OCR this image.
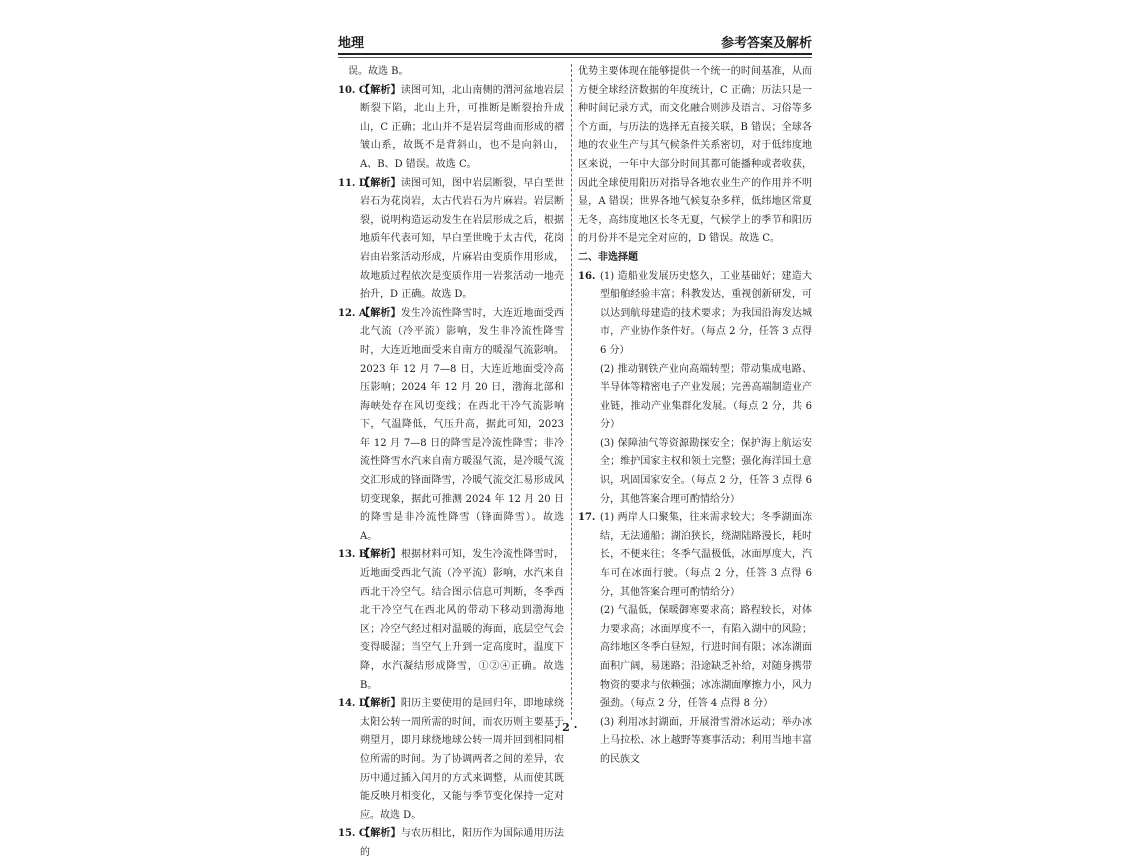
地理	参考答案及解析

误。故选 B。

10. C
【解析】读图可知，北山南侧的渭河盆地岩层断裂下陷，北山上升，可推断是断裂抬升成山，C 正确；北山并不是岩层弯曲而形成的褶皱山系，故既不是背斜山，也不是向斜山，A、B、D 错误。故选 C。

11. D
【解析】读图可知，图中岩层断裂，早白垩世岩石为花岗岩，太古代岩石为片麻岩。岩层断裂，说明构造运动发生在岩层形成之后，根据地质年代表可知，早白垩世晚于太古代，花岗岩由岩浆活动形成，片麻岩由变质作用形成，故地质过程依次是变质作用一岩浆活动一地壳抬升，D 正确。故选 D。

12. A
【解析】发生冷流性降雪时，大连近地面受西北气流（冷平流）影响，发生非冷流性降雪时，大连近地面受来自南方的暖湿气流影响。2023 年 12 月 7—8 日，大连近地面受冷高压影响；2024 年 12 月 20 日，渤海北部和海峡处存在风切变线；在西北干冷气流影响下，气温降低，气压升高，据此可知，2023 年 12 月 7—8 日的降雪是冷流性降雪；非冷流性降雪水汽来自南方暖湿气流，是冷暖气流交汇形成的锋面降雪，冷暖气流交汇易形成风切变现象，据此可推测 2024 年 12 月 20 日的降雪是非冷流性降雪（锋面降雪）。故选 A。

13. B
【解析】根据材料可知，发生冷流性降雪时，近地面受西北气流（冷平流）影响，水汽来自西北干冷空气。结合图示信息可判断，冬季西北干冷空气在西北风的带动下移动到渤海地区；冷空气经过相对温暖的海面，底层空气会变得暖湿；当空气上升到一定高度时，温度下降，水汽凝结形成降雪，①②④正确。故选 B。

14. D
【解析】阳历主要使用的是回归年，即地球绕太阳公转一周所需的时间，而农历则主要基于朔望月，即月球绕地球公转一周并回到相同相位所需的时间。为了协调两者之间的差异，农历中通过插入闰月的方式来调整，从而使其既能反映月相变化，又能与季节变化保持一定对应。故选 D。

15. C
【解析】与农历相比，阳历作为国际通用历法的

优势主要体现在能够提供一个统一的时间基准，从而方便全球经济数据的年度统计，C 正确；历法只是一种时间记录方式，而文化融合则涉及语言、习俗等多个方面，与历法的选择无直接关联，B 错误；全球各地的农业生产与其气候条件关系密切，对于低纬度地区来说，一年中大部分时间其都可能播种或者收获，因此全球使用阳历对指导各地农业生产的作用并不明显，A 错误；世界各地气候复杂多样，低纬地区常夏无冬，高纬度地区长冬无夏，气候学上的季节和阳历的月份并不是完全对应的，D 错误。故选 C。

二、非选择题

16. (1) 造船业发展历史悠久，工业基础好；建造大型船舶经验丰富；科教发达，重视创新研发，可以达到航母建造的技术要求；为我国沿海发达城市，产业协作条件好。（每点 2 分，任答 3 点得 6 分）

(2) 推动钢铁产业向高端转型；带动集成电路、半导体等精密电子产业发展；完善高端制造业产业链，推动产业集群化发展。（每点 2 分，共 6 分）

(3) 保障油气等资源勘探安全；保护海上航运安全；维护国家主权和领土完整；强化海洋国土意识，巩固国家安全。（每点 2 分，任答 3 点得 6 分，其他答案合理可酌情给分）

17. (1) 两岸人口聚集，往来需求较大；冬季湖面冻结，无法通船；湖泊狭长，绕湖陆路漫长，耗时长，不便来往；冬季气温极低，冰面厚度大，汽车可在冰面行驶。（每点 2 分，任答 3 点得 6 分，其他答案合理可酌情给分）

(2) 气温低，保暖御寒要求高；路程较长，对体力要求高；冰面厚度不一，有陷入湖中的风险；高纬地区冬季白昼短，行进时间有限；冰冻湖面面积广阔，易迷路；沿途缺乏补给，对随身携带物资的要求与依赖强；冰冻湖面摩擦力小，风力强劲。（每点 2 分，任答 4 点得 8 分）

(3) 利用冰封湖面，开展滑雪滑冰运动；举办冰上马拉松、冰上越野等赛事活动；利用当地丰富的民族文

· 2 ·
